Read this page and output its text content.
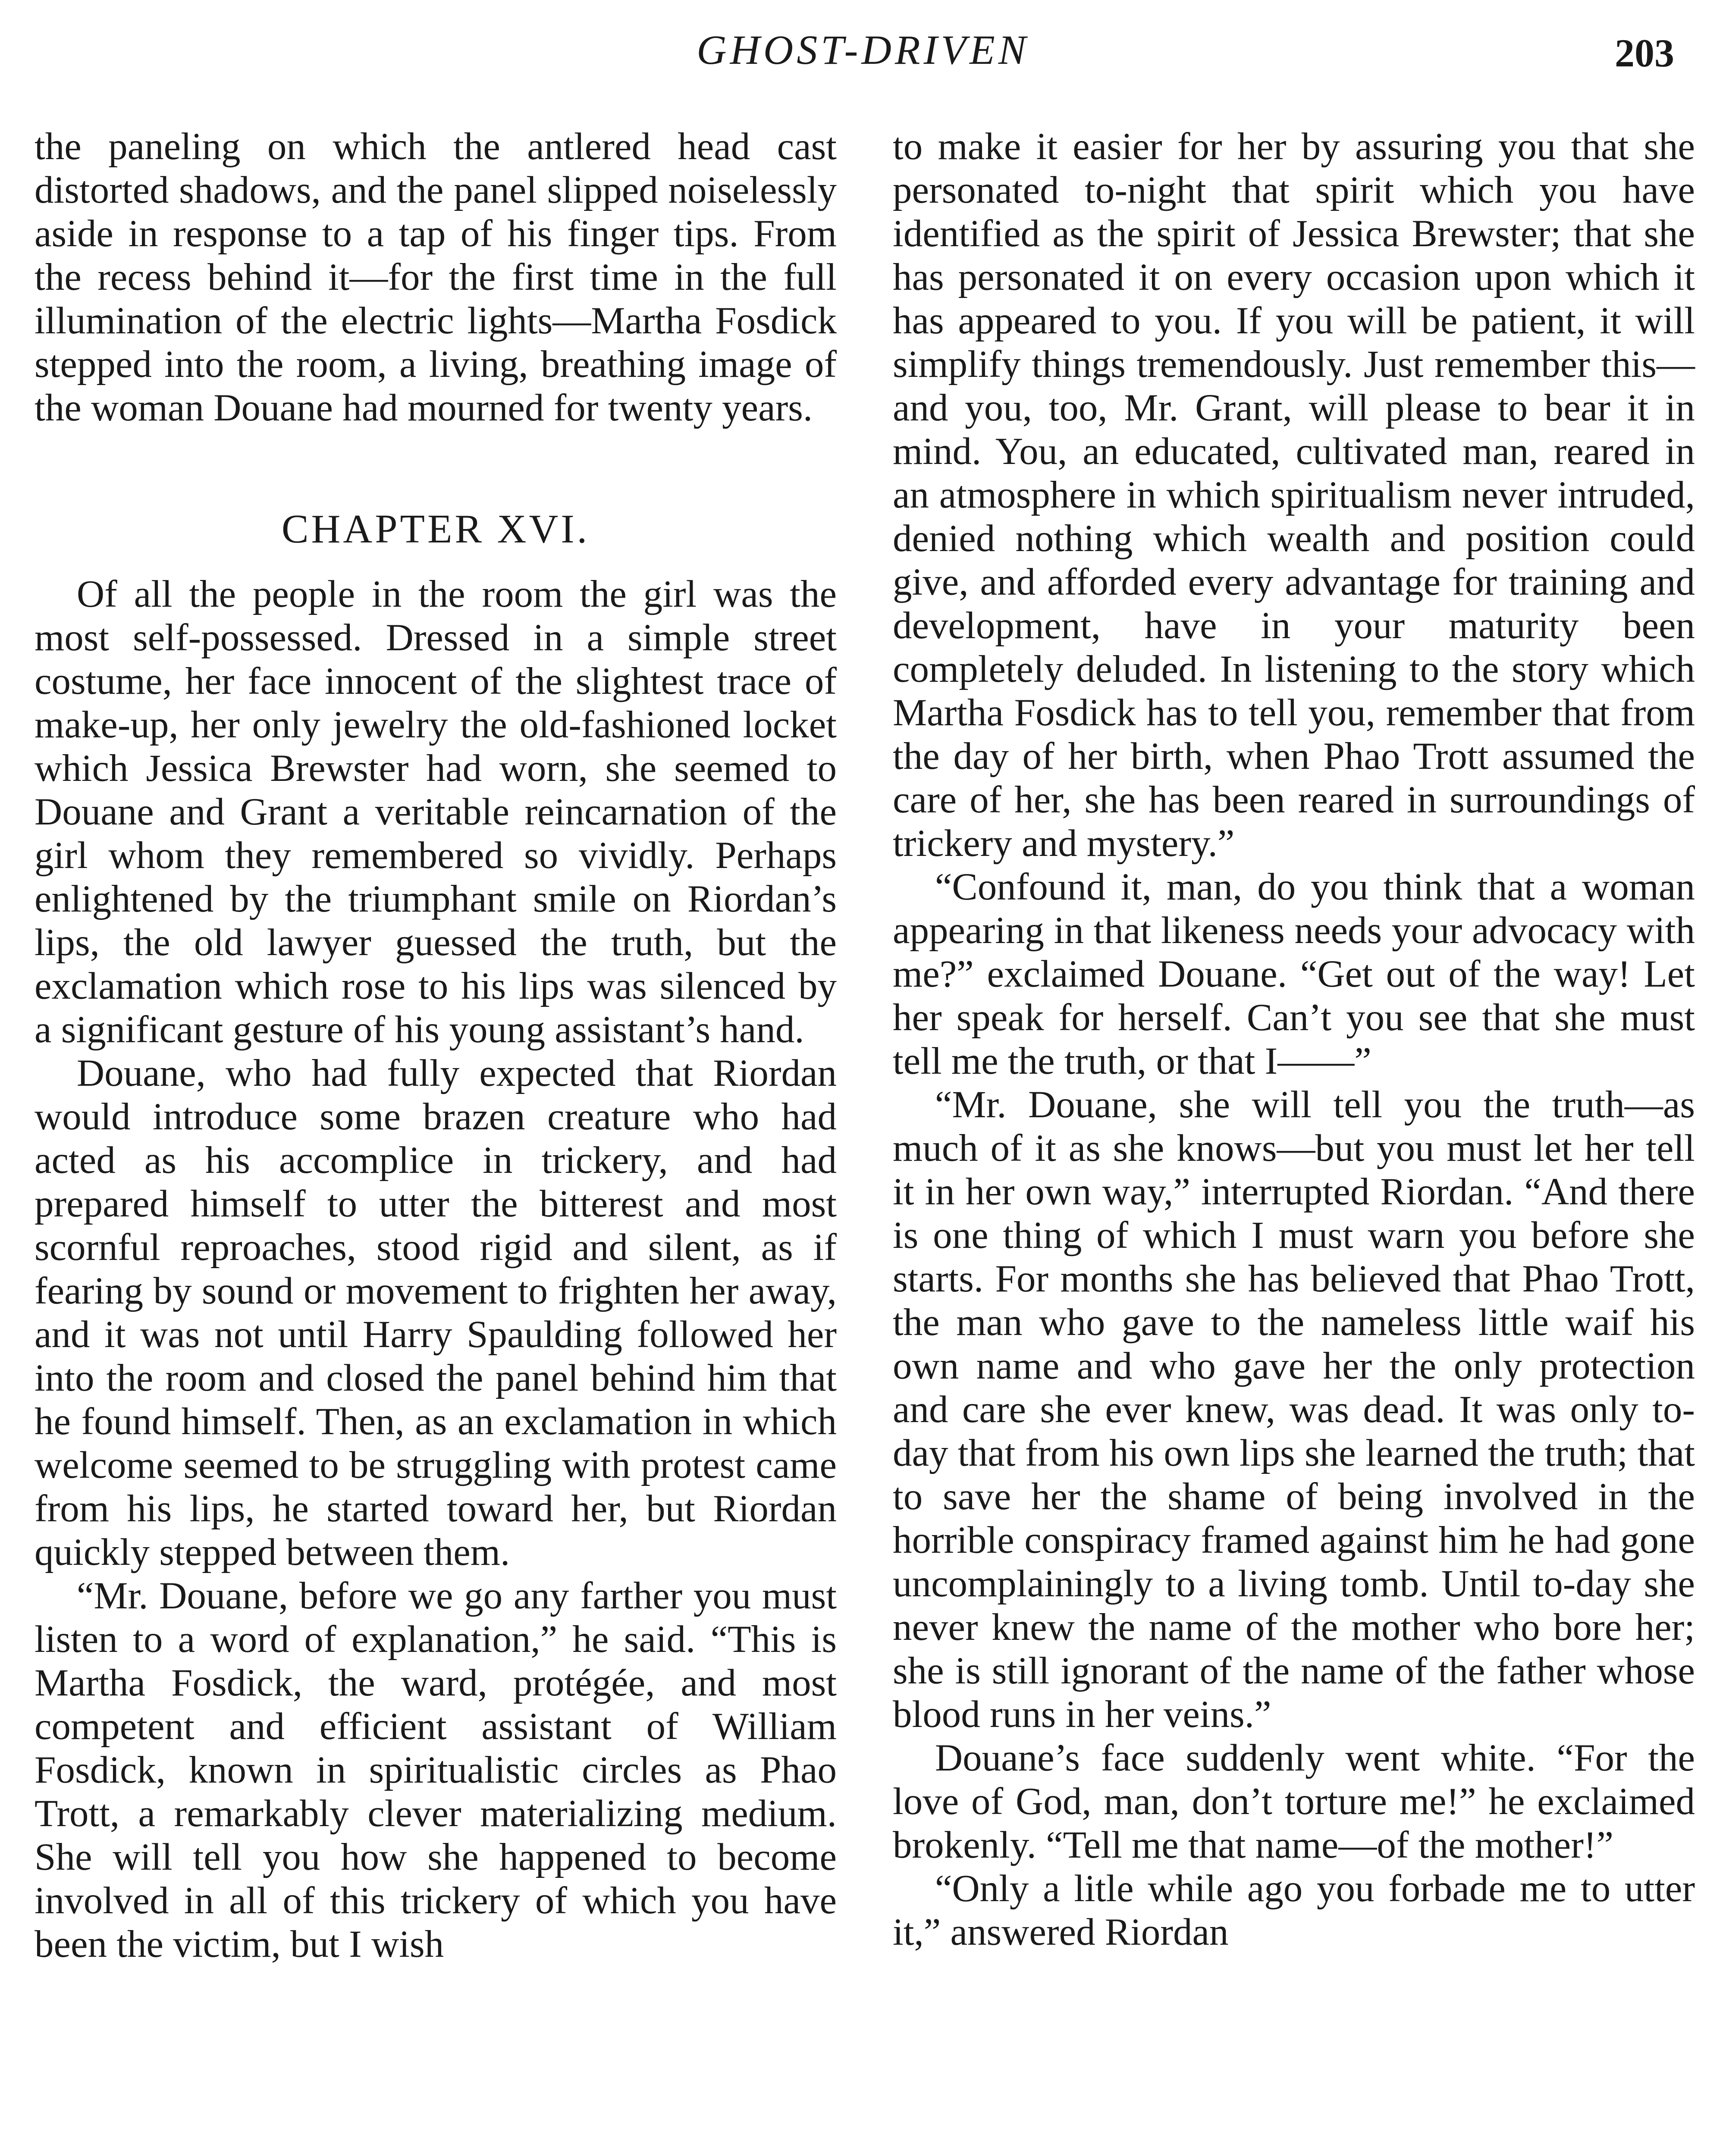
GHOST-DRIVEN	203

the paneling on which the antlered head cast distorted shadows, and the panel slipped noiselessly aside in response to a tap of his finger tips. From the recess behind it—for the first time in the full illumination of the electric lights—Martha Fosdick stepped into the room, a living, breathing image of the woman Douane had mourned for twenty years.

CHAPTER XVI.

Of all the people in the room the girl was the most self-possessed. Dressed in a simple street costume, her face innocent of the slightest trace of make-up, her only jewelry the old-fashioned locket which Jessica Brewster had worn, she seemed to Douane and Grant a veritable reincarnation of the girl whom they remembered so vividly. Perhaps enlightened by the triumphant smile on Riordan’s lips, the old lawyer guessed the truth, but the exclamation which rose to his lips was silenced by a significant gesture of his young assistant’s hand.

Douane, who had fully expected that Riordan would introduce some brazen creature who had acted as his accomplice in trickery, and had prepared himself to utter the bitterest and most scornful reproaches, stood rigid and silent, as if fearing by sound or movement to frighten her away, and it was not until Harry Spaulding followed her into the room and closed the panel behind him that he found himself. Then, as an exclamation in which welcome seemed to be struggling with protest came from his lips, he started toward her, but Riordan quickly stepped between them.

“Mr. Douane, before we go any farther you must listen to a word of explanation,” he said. “This is Martha Fosdick, the ward, protégée, and most competent and efficient assistant of William Fosdick, known in spiritualistic circles as Phao Trott, a remarkably clever materializing medium. She will tell you how she happened to become involved in all of this trickery of which you have been the victim, but I wish

to make it easier for her by assuring you that she personated to-night that spirit which you have identified as the spirit of Jessica Brewster; that she has personated it on every occasion upon which it has appeared to you. If you will be patient, it will simplify things tremendously. Just remember this—and you, too, Mr. Grant, will please to bear it in mind. You, an educated, cultivated man, reared in an atmosphere in which spiritualism never intruded, denied nothing which wealth and position could give, and afforded every advantage for training and development, have in your maturity been completely deluded. In listening to the story which Martha Fosdick has to tell you, remember that from the day of her birth, when Phao Trott assumed the care of her, she has been reared in surroundings of trickery and mystery.”

“Confound it, man, do you think that a woman appearing in that likeness needs your advocacy with me?” exclaimed Douane. “Get out of the way! Let her speak for herself. Can’t you see that she must tell me the truth, or that I——”

“Mr. Douane, she will tell you the truth—as much of it as she knows—but you must let her tell it in her own way,” interrupted Riordan. “And there is one thing of which I must warn you before she starts. For months she has believed that Phao Trott, the man who gave to the nameless little waif his own name and who gave her the only protection and care she ever knew, was dead. It was only to-day that from his own lips she learned the truth; that to save her the shame of being involved in the horrible conspiracy framed against him he had gone uncomplainingly to a living tomb. Until to-day she never knew the name of the mother who bore her; she is still ignorant of the name of the father whose blood runs in her veins.”

Douane’s face suddenly went white. “For the love of God, man, don’t torture me!” he exclaimed brokenly. “Tell me that name—of the mother!”

“Only a litle while ago you forbade me to utter it,” answered Riordan
